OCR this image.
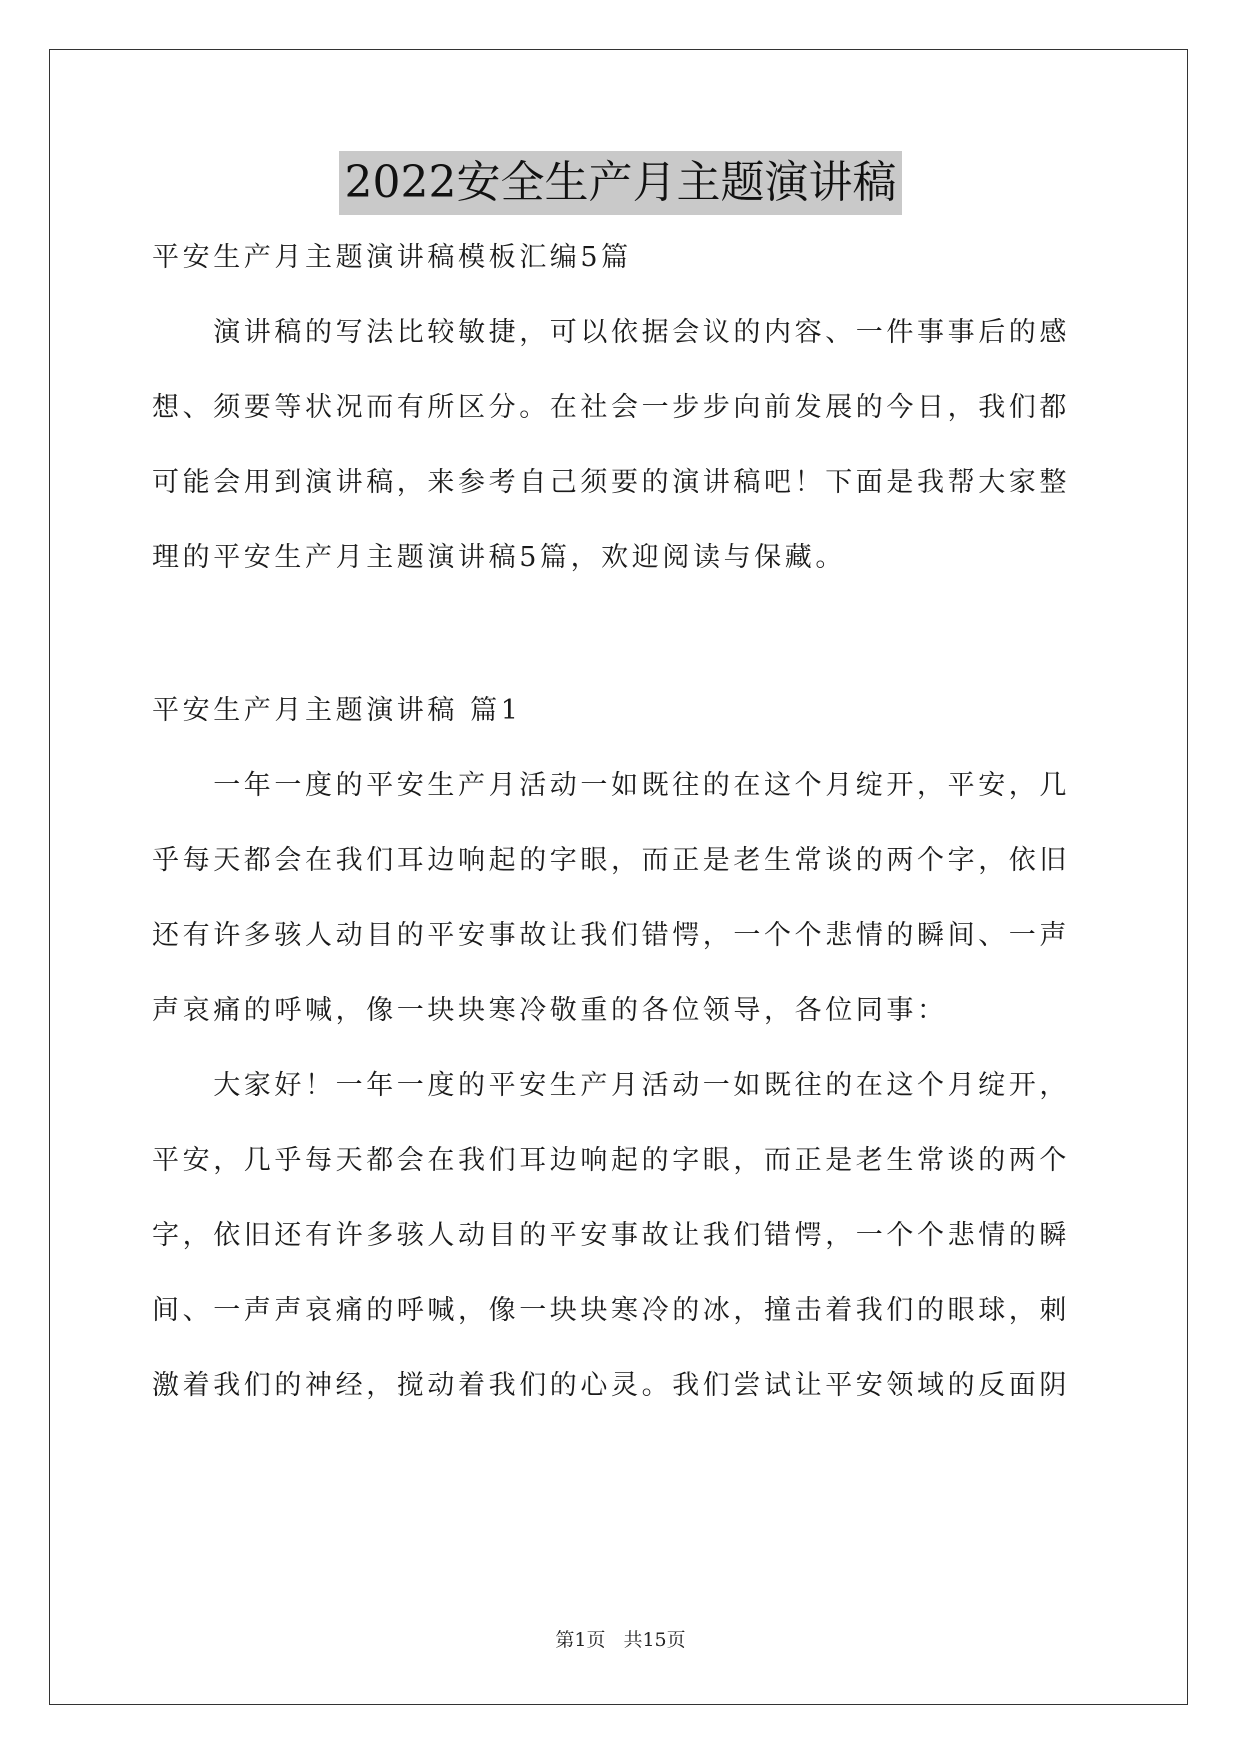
2022安全生产月主题演讲稿
平安生产月主题演讲稿模板汇编5篇
　　演讲稿的写法比较敏捷，可以依据会议的内容、一件事事后的感
想、须要等状况而有所区分。在社会一步步向前发展的今日，我们都
可能会用到演讲稿，来参考自己须要的演讲稿吧！下面是我帮大家整
理的平安生产月主题演讲稿5篇，欢迎阅读与保藏。
平安生产月主题演讲稿 篇1
　　一年一度的平安生产月活动一如既往的在这个月绽开，平安，几
乎每天都会在我们耳边响起的字眼，而正是老生常谈的两个字，依旧
还有许多骇人动目的平安事故让我们错愕，一个个悲情的瞬间、一声
声哀痛的呼喊，像一块块寒冷敬重的各位领导，各位同事：
　　大家好！一年一度的平安生产月活动一如既往的在这个月绽开，
平安，几乎每天都会在我们耳边响起的字眼，而正是老生常谈的两个
字，依旧还有许多骇人动目的平安事故让我们错愕，一个个悲情的瞬
间、一声声哀痛的呼喊，像一块块寒冷的冰，撞击着我们的眼球，刺
激着我们的神经，搅动着我们的心灵。我们尝试让平安领域的反面阴
第1页 共15页
